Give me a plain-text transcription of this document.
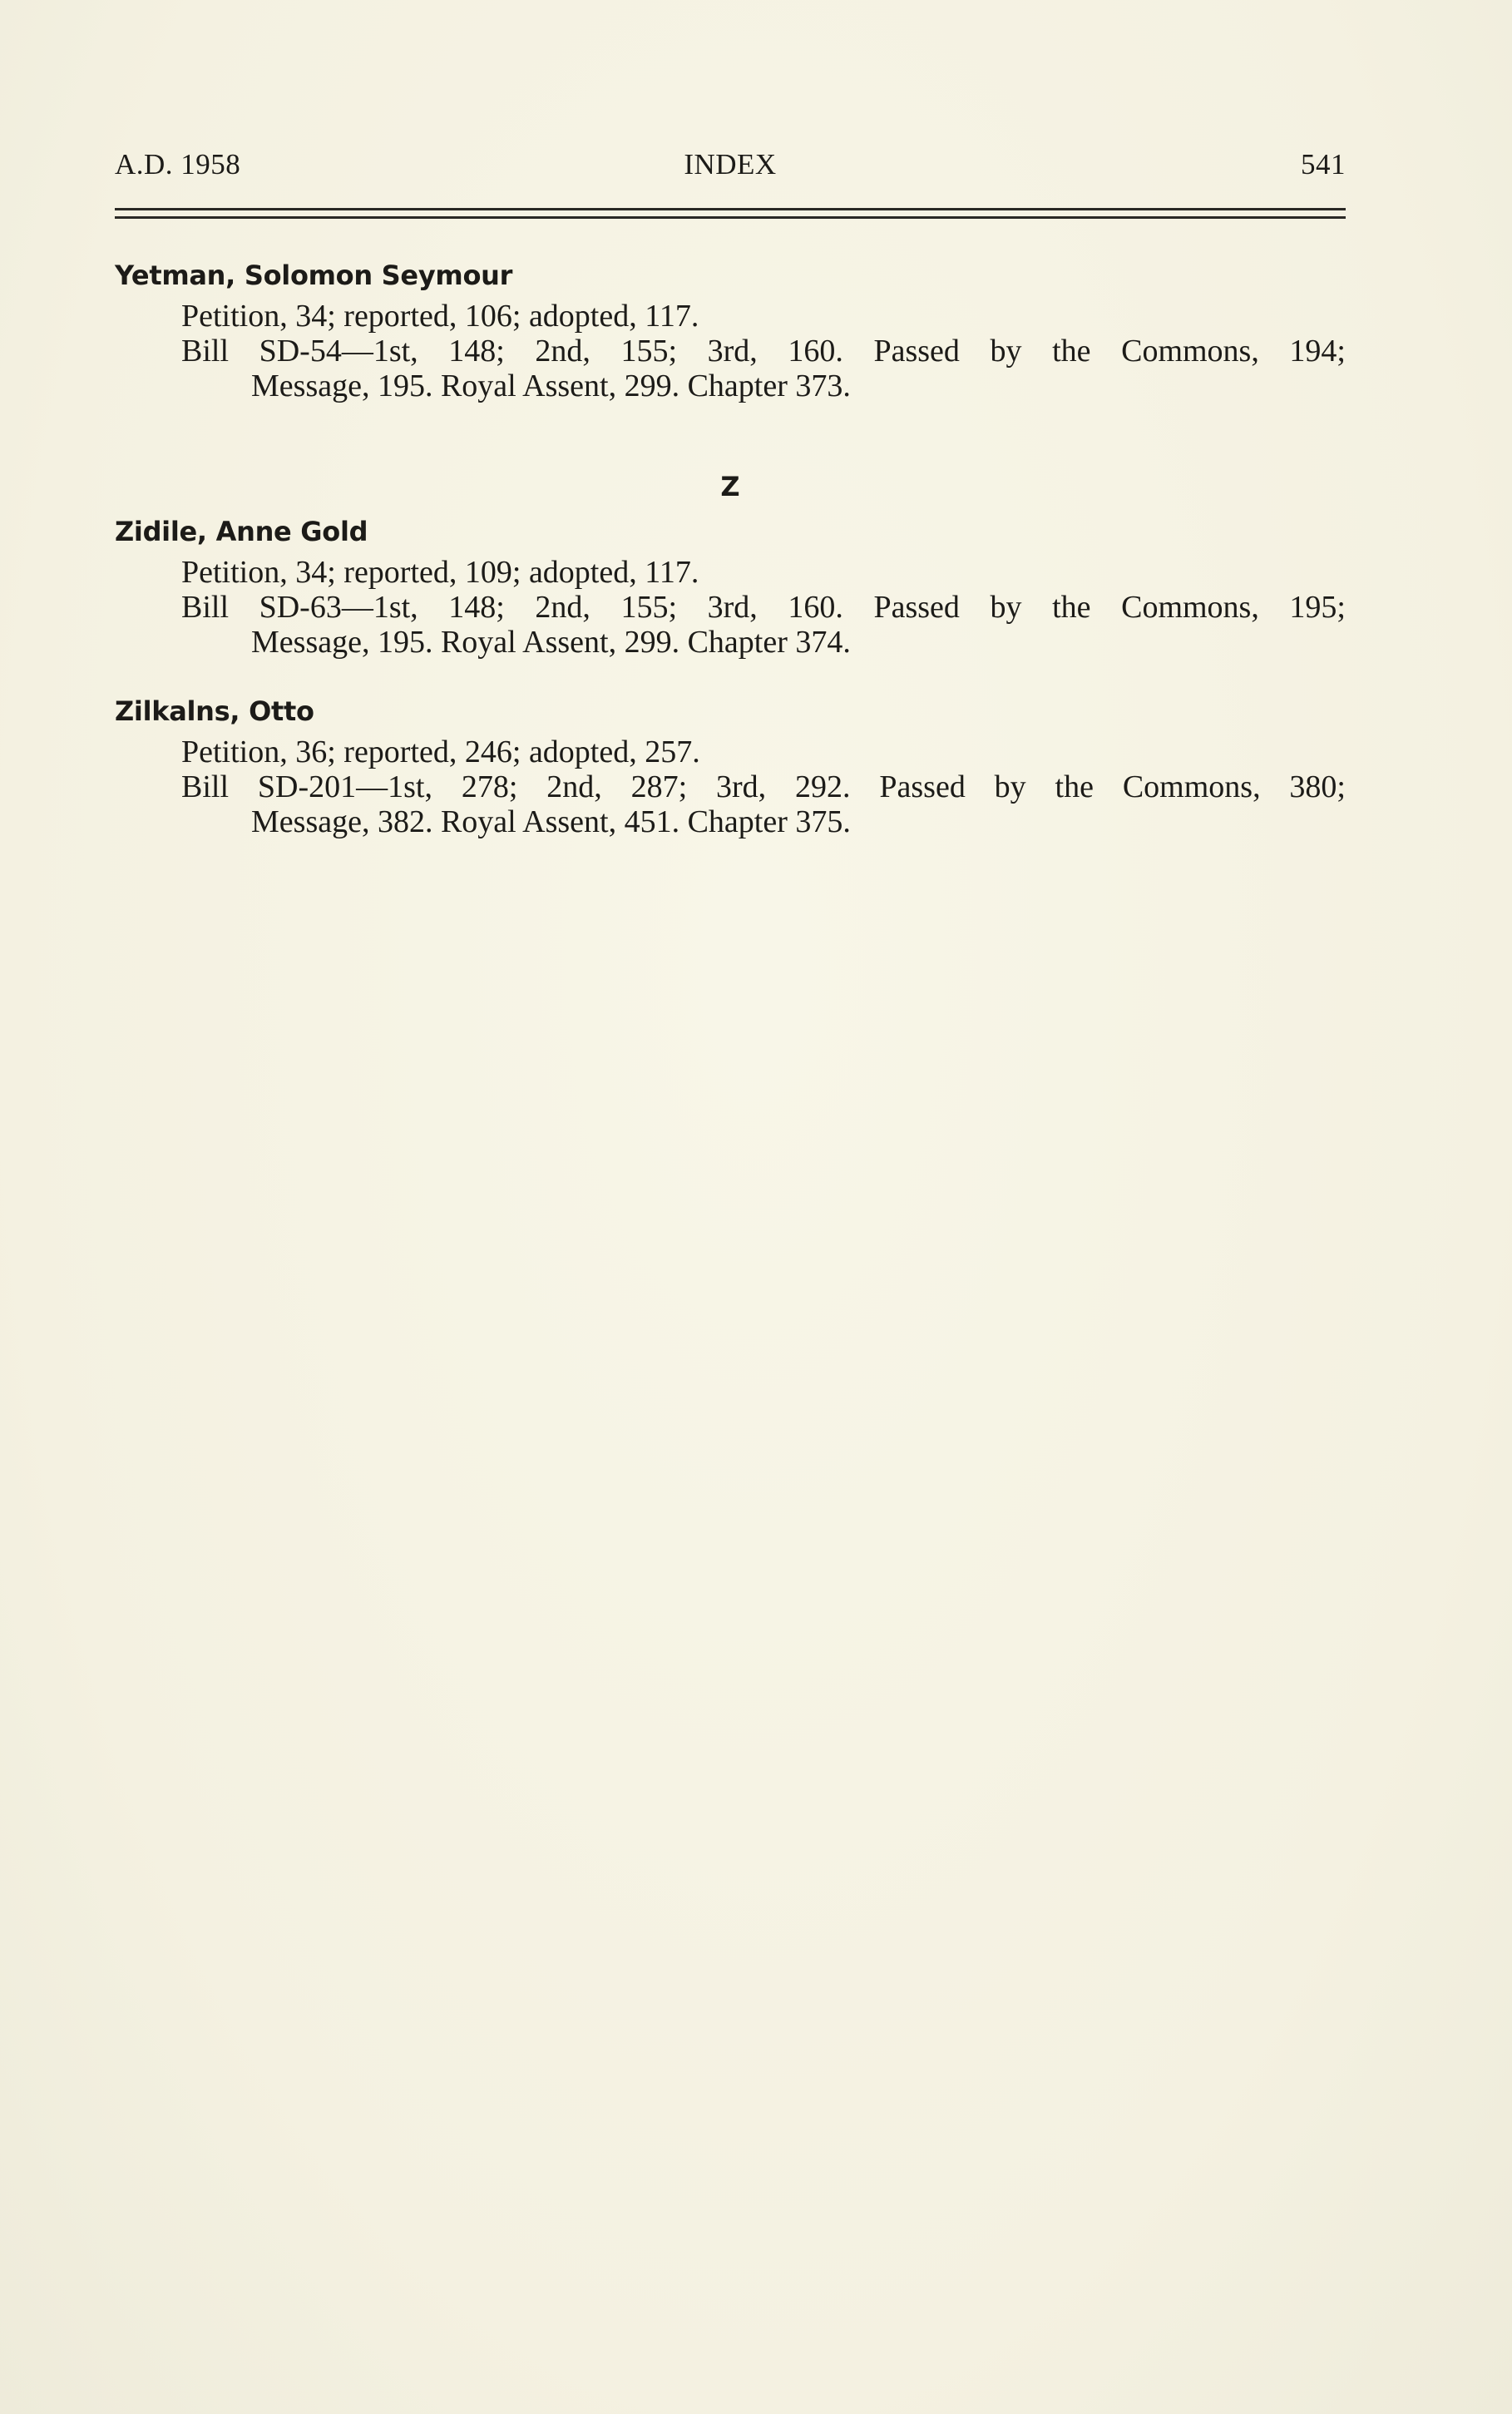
A.D. 1958	INDEX	541
Yetman, Solomon Seymour
Petition, 34; reported, 106; adopted, 117.
Bill SD-54—1st, 148; 2nd, 155; 3rd, 160. Passed by the Commons, 194;
Message, 195. Royal Assent, 299. Chapter 373.
Z
Zidile, Anne Gold
Petition, 34; reported, 109; adopted, 117.
Bill SD-63—1st, 148; 2nd, 155; 3rd, 160. Passed by the Commons, 195;
Message, 195. Royal Assent, 299. Chapter 374.
Zilkalns, Otto
Petition, 36; reported, 246; adopted, 257.
Bill SD-201—1st, 278; 2nd, 287; 3rd, 292. Passed by the Commons, 380;
Message, 382. Royal Assent, 451. Chapter 375.
